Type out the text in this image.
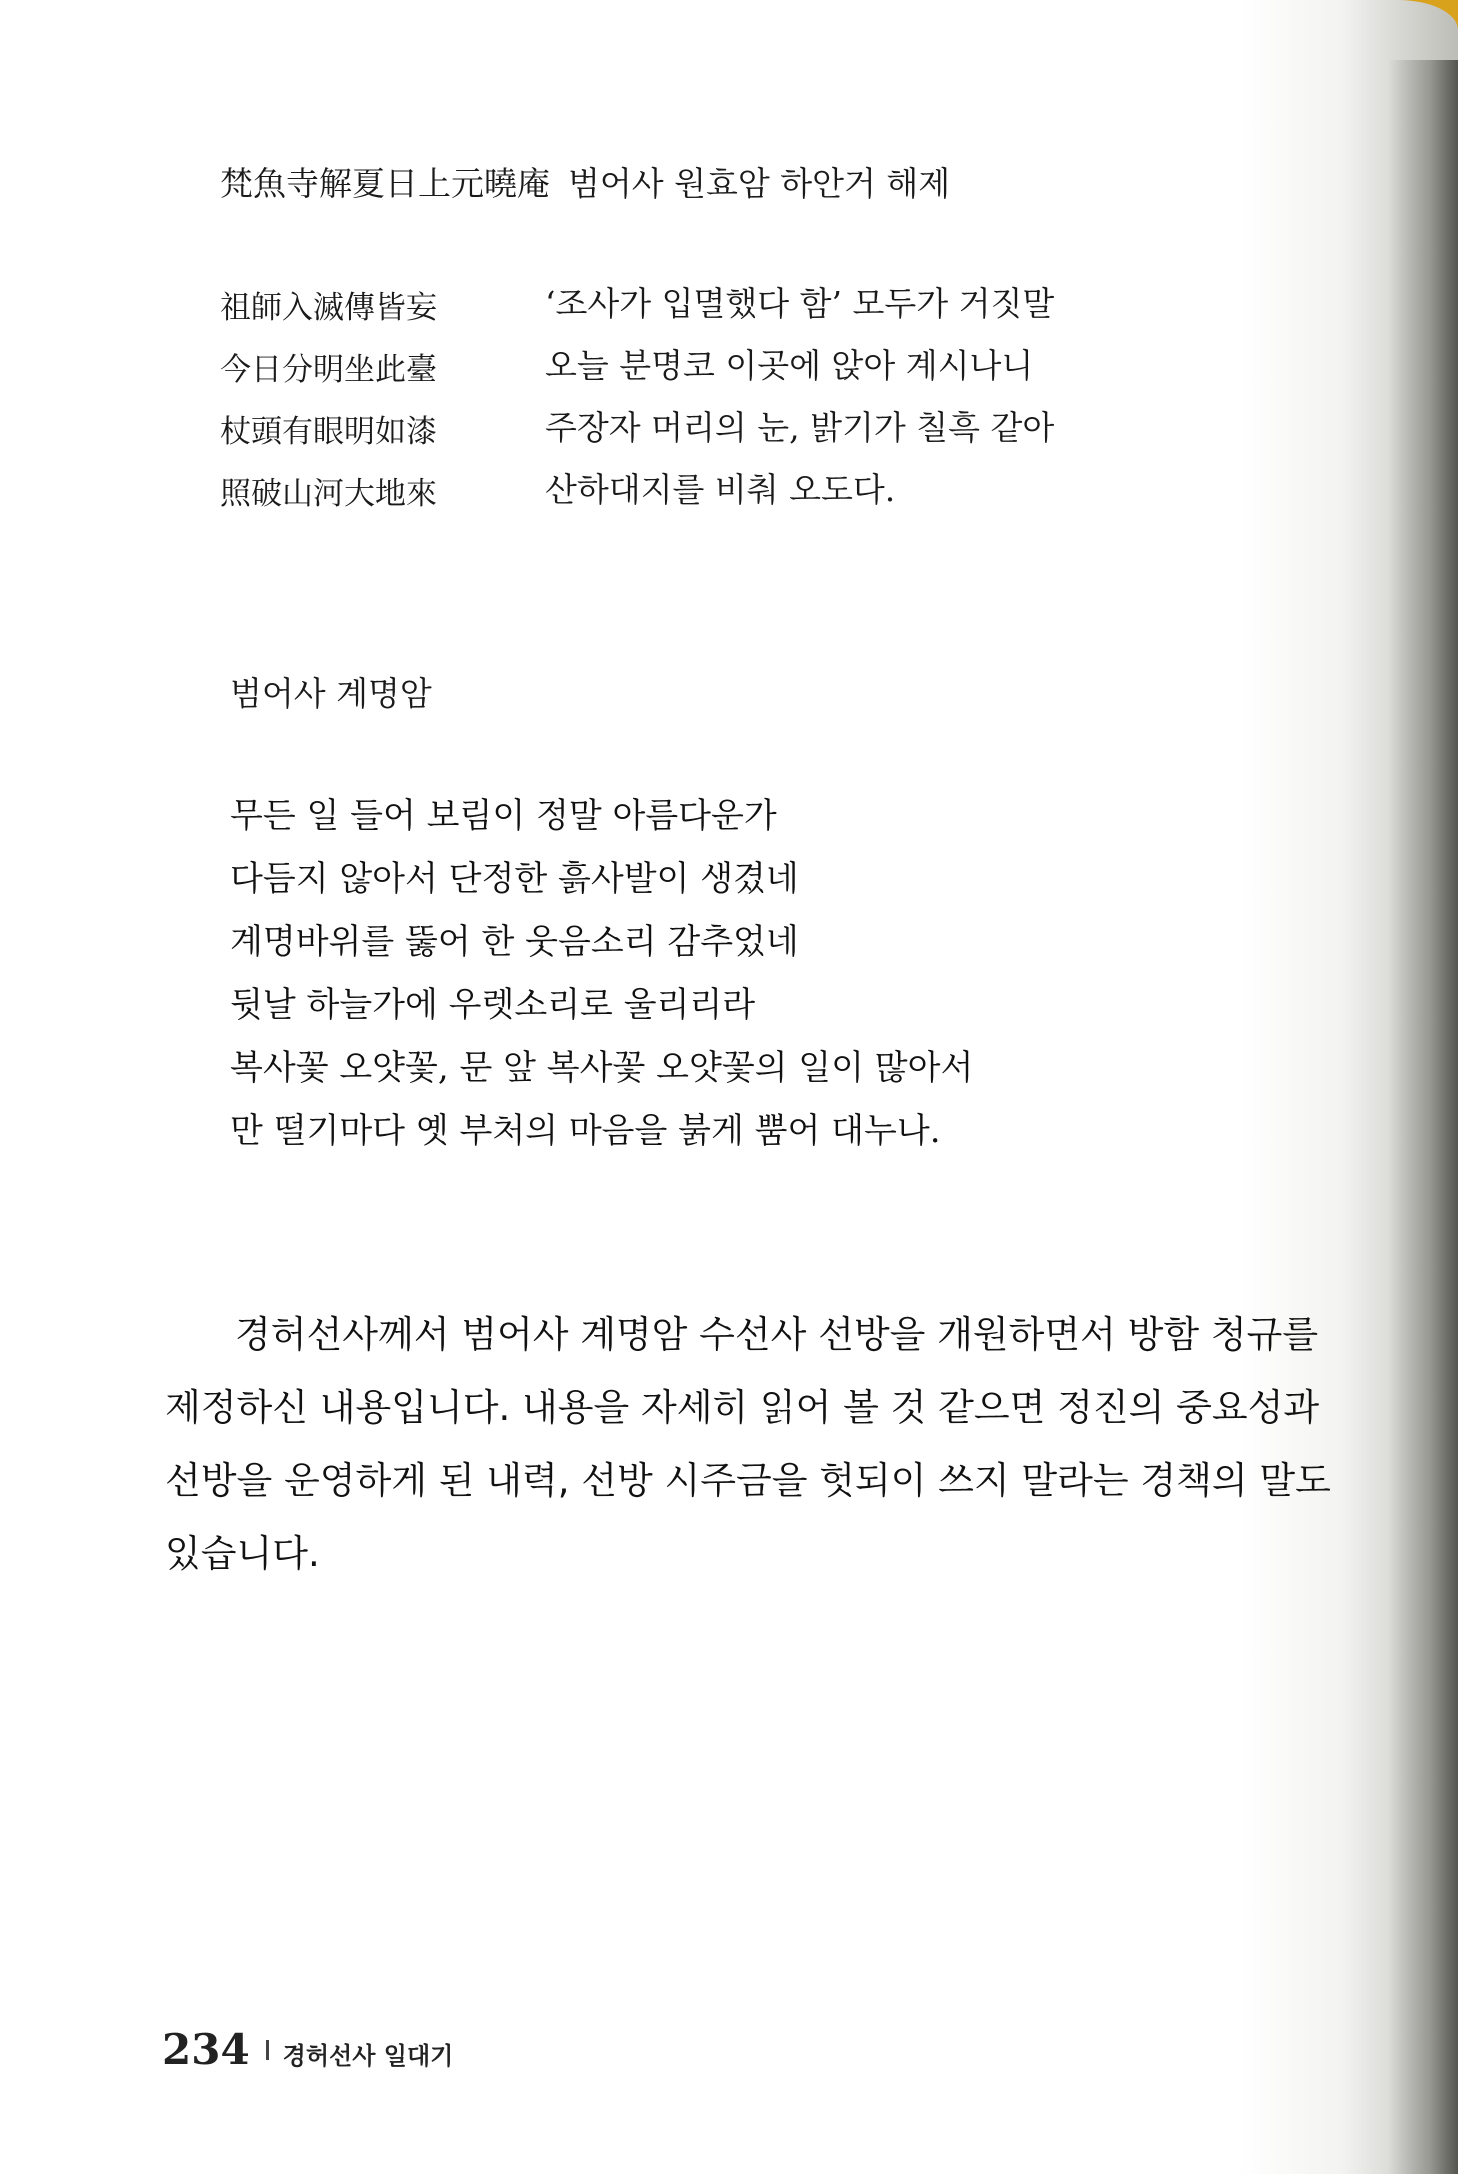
梵魚寺解夏日上元曉庵 범어사 원효암 하안거 해제
祖師入滅傳皆妄	‘조사가 입멸했다 함’ 모두가 거짓말
今日分明坐此臺	오늘 분명코 이곳에 앉아 계시나니
杖頭有眼明如漆	주장자 머리의 눈, 밝기가 칠흑 같아
照破山河大地來	산하대지를 비춰 오도다.
범어사 계명암
무든 일 들어 보림이 정말 아름다운가
다듬지 않아서 단정한 흙사발이 생겼네
계명바위를 뚫어 한 웃음소리 감추었네
뒷날 하늘가에 우렛소리로 울리리라
복사꽃 오얏꽃, 문 앞 복사꽃 오얏꽃의 일이 많아서
만 떨기마다 옛 부처의 마음을 붉게 뿜어 대누나.

경허선사께서 범어사 계명암 수선사 선방을 개원하면서 방함 청규를 제정하신 내용입니다. 내용을 자세히 읽어 볼 것 같으면 정진의 중요성과 선방을 운영하게 된 내력, 선방 시주금을 헛되이 쓰지 말라는 경책의 말도 있습니다.

234 경허선사 일대기
